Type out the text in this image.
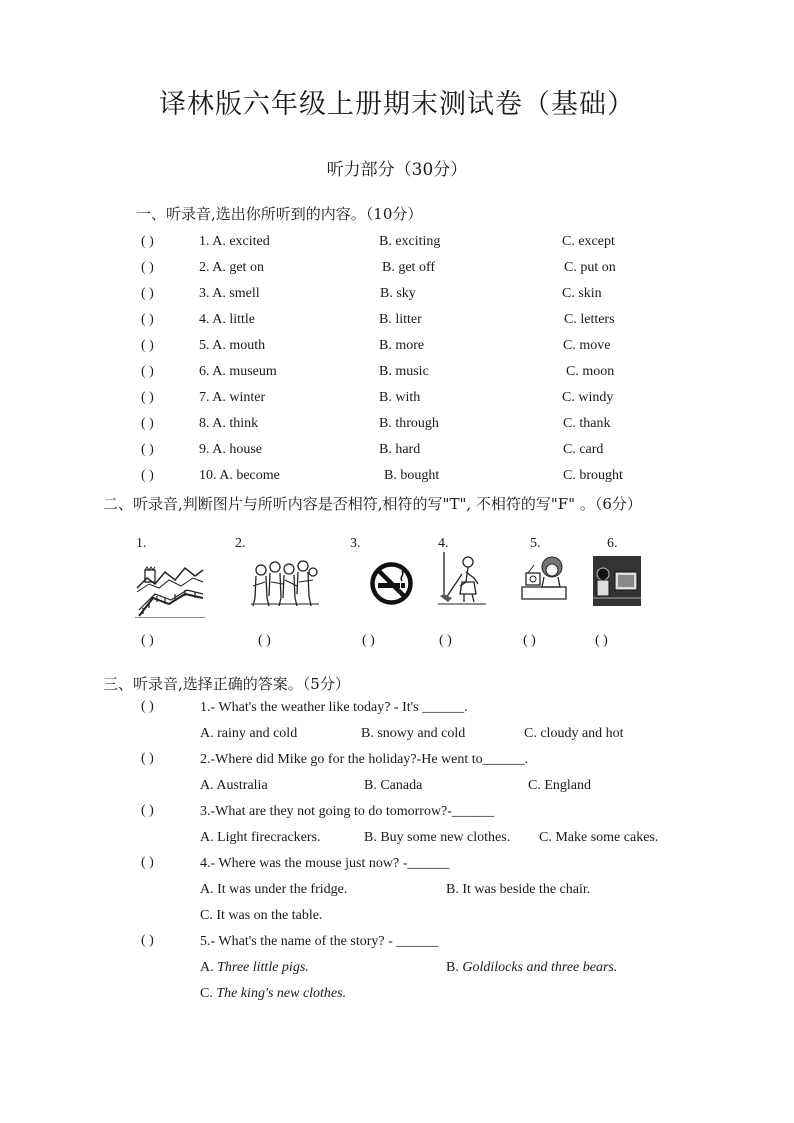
译林版六年级上册期末测试卷（基础）
听力部分（30分）
一、听录音,选出你所听到的内容。（10分）
( )	1. A. excited	B. exciting	C. except
( )	2. A. get on	B. get off	C. put on
( )	3. A. smell	B. sky	C. skin
( )	4. A. little	B. litter	C. letters
( )	5. A. mouth	B. more	C. move
( )	6. A. museum	B. music	C. moon
( )	7. A. winter	B. with	C. windy
( )	8. A. think	B. through	C. thank
( )	9. A. house	B. hard	C. card
( )	10. A. become	B. bought	C. brought
二、听录音,判断图片与所听内容是否相符,相符的写"T", 不相符的写"F" 。（6分）
1.	2.	3.	4.	5.	6.
( )	( )	( )	( )	( )	( )
三、听录音,选择正确的答案。（5分）
( )	1.- What's the weather like today? - It's ______.
A. rainy and cold	B. snowy and cold	C. cloudy and hot
( )	2.-Where did Mike go for the holiday?-He went to______.
A. Australia	B. Canada	C. England
( )	3.-What are they not going to do tomorrow?-______
A. Light firecrackers.	B. Buy some new clothes. C. Make some cakes.
( )	4.- Where was the mouse just now? -______
A. It was under the fridge.	B. It was beside the chair.
C. It was on the table.
( )	5.- What's the name of the story? - ______
A. Three little pigs.	B. Goldilocks and three bears.
C. The king's new clothes.
